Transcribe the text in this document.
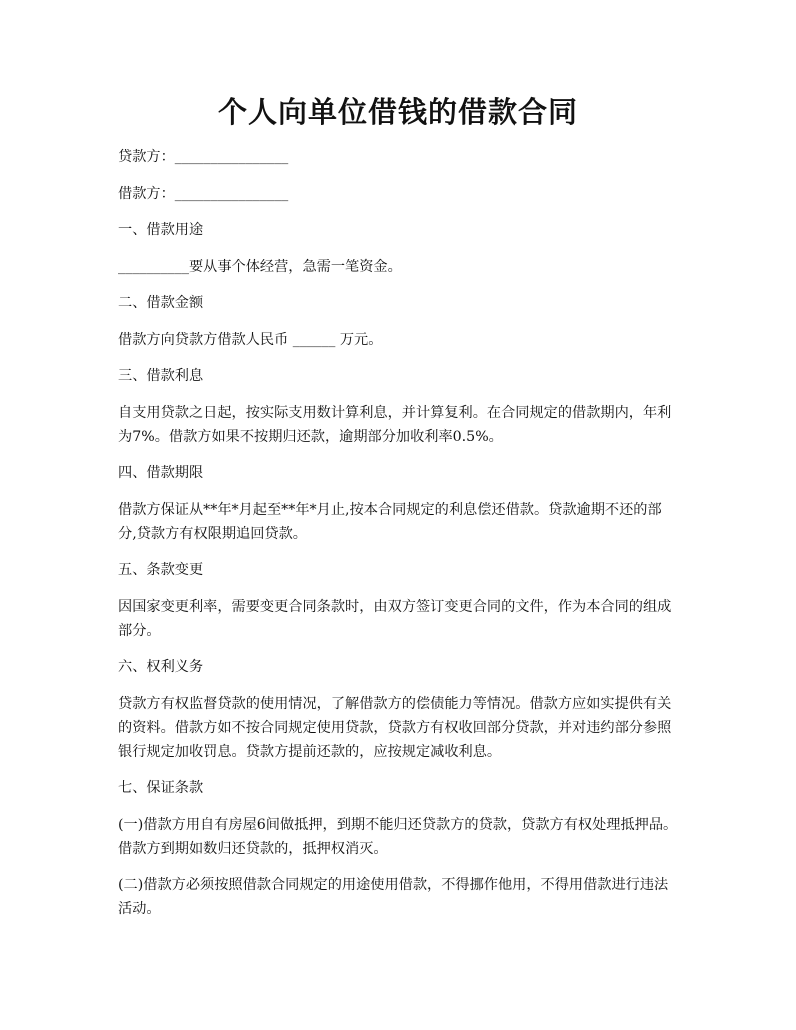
个人向单位借钱的借款合同

贷款方：________________

借款方：________________

一、借款用途

__________要从事个体经营，急需一笔资金。

二、借款金额

借款方向贷款方借款人民币 ______ 万元。

三、借款利息

自支用贷款之日起，按实际支用数计算利息，并计算复利。在合同规定的借款期内，年利为7%。借款方如果不按期归还款，逾期部分加收利率0.5%。

四、借款期限

借款方保证从**年*月起至**年*月止,按本合同规定的利息偿还借款。贷款逾期不还的部分,贷款方有权限期追回贷款。

五、条款变更

因国家变更利率，需要变更合同条款时，由双方签订变更合同的文件，作为本合同的组成部分。

六、权利义务

贷款方有权监督贷款的使用情况，了解借款方的偿债能力等情况。借款方应如实提供有关的资料。借款方如不按合同规定使用贷款，贷款方有权收回部分贷款，并对违约部分参照银行规定加收罚息。贷款方提前还款的，应按规定减收利息。

七、保证条款

(一)借款方用自有房屋6间做抵押，到期不能归还贷款方的贷款，贷款方有权处理抵押品。借款方到期如数归还贷款的，抵押权消灭。

(二)借款方必须按照借款合同规定的用途使用借款，不得挪作他用，不得用借款进行违法活动。
